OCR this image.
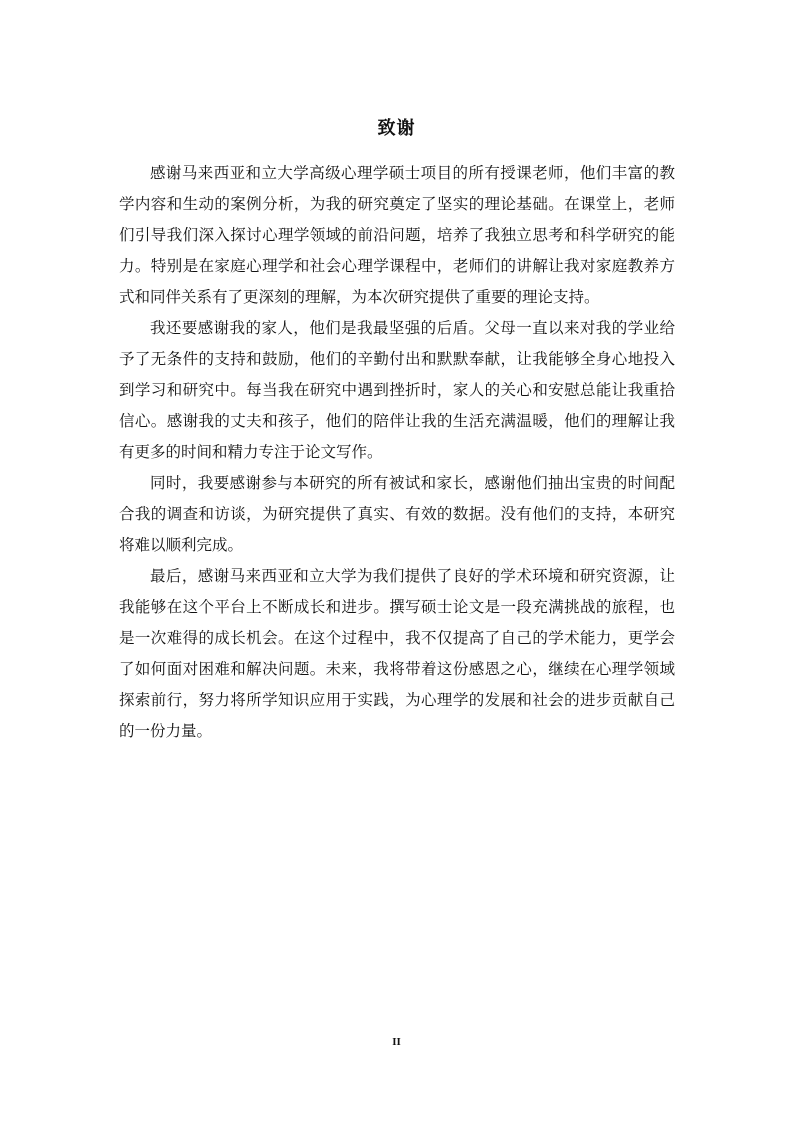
致谢

感谢马来西亚和立大学高级心理学硕士项目的所有授课老师，他们丰富的教学内容和生动的案例分析，为我的研究奠定了坚实的理论基础。在课堂上，老师们引导我们深入探讨心理学领域的前沿问题，培养了我独立思考和科学研究的能力。特别是在家庭心理学和社会心理学课程中，老师们的讲解让我对家庭教养方式和同伴关系有了更深刻的理解，为本次研究提供了重要的理论支持。

我还要感谢我的家人，他们是我最坚强的后盾。父母一直以来对我的学业给予了无条件的支持和鼓励，他们的辛勤付出和默默奉献，让我能够全身心地投入到学习和研究中。每当我在研究中遇到挫折时，家人的关心和安慰总能让我重拾信心。感谢我的丈夫和孩子，他们的陪伴让我的生活充满温暖，他们的理解让我有更多的时间和精力专注于论文写作。

同时，我要感谢参与本研究的所有被试和家长，感谢他们抽出宝贵的时间配合我的调查和访谈，为研究提供了真实、有效的数据。没有他们的支持，本研究将难以顺利完成。

最后，感谢马来西亚和立大学为我们提供了良好的学术环境和研究资源，让我能够在这个平台上不断成长和进步。撰写硕士论文是一段充满挑战的旅程，也是一次难得的成长机会。在这个过程中，我不仅提高了自己的学术能力，更学会了如何面对困难和解决问题。未来，我将带着这份感恩之心，继续在心理学领域探索前行，努力将所学知识应用于实践，为心理学的发展和社会的进步贡献自己的一份力量。

II
